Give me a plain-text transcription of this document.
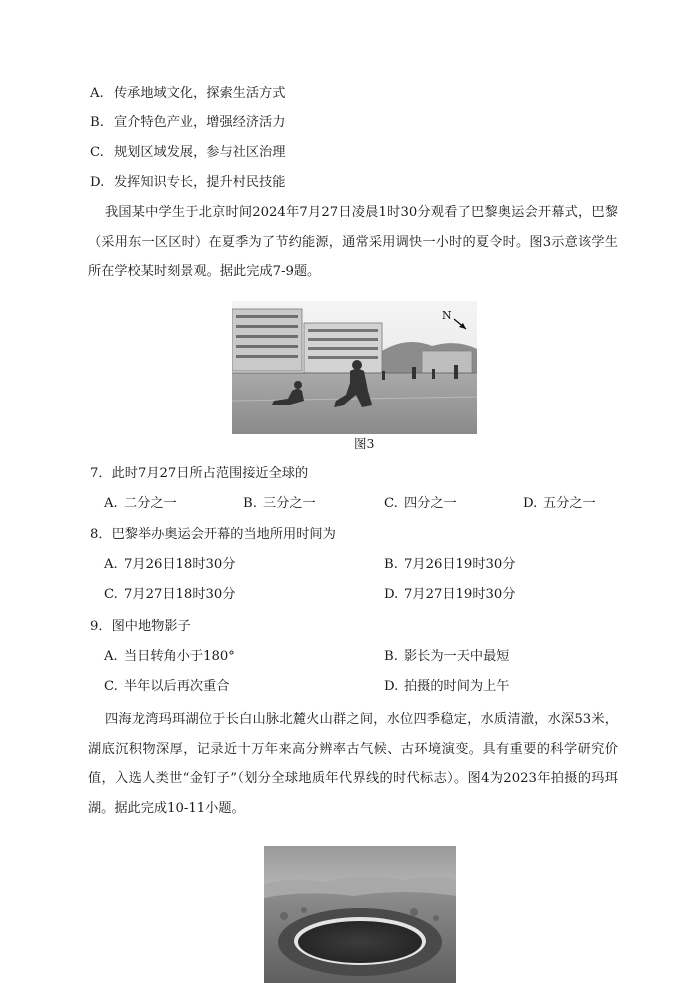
A. 传承地域文化，探索生活方式
B. 宣介特色产业，增强经济活力
C. 规划区域发展，参与社区治理
D. 发挥知识专长，提升村民技能
我国某中学生于北京时间2024年7月27日凌晨1时30分观看了巴黎奥运会开幕式，巴黎（采用东一区区时）在夏季为了节约能源，通常采用调快一小时的夏令时。图3示意该学生所在学校某时刻景观。据此完成7-9题。
N
图3
7．此时7月27日所占范围接近全球的
A. 二分之一	B. 三分之一	C. 四分之一	D. 五分之一
8．巴黎举办奥运会开幕的当地所用时间为
A. 7月26日18时30分	B. 7月26日19时30分
C. 7月27日18时30分	D. 7月27日19时30分
9．图中地物影子
A. 当日转角小于180°	B. 影长为一天中最短
C. 半年以后再次重合	D. 拍摄的时间为上午
四海龙湾玛珥湖位于长白山脉北麓火山群之间，水位四季稳定，水质清澈，水深53米，湖底沉积物深厚，记录近十万年来高分辨率古气候、古环境演变。具有重要的科学研究价值，入选人类世“金钉子”（划分全球地质年代界线的时代标志）。图4为2023年拍摄的玛珥湖。据此完成10-11小题。
